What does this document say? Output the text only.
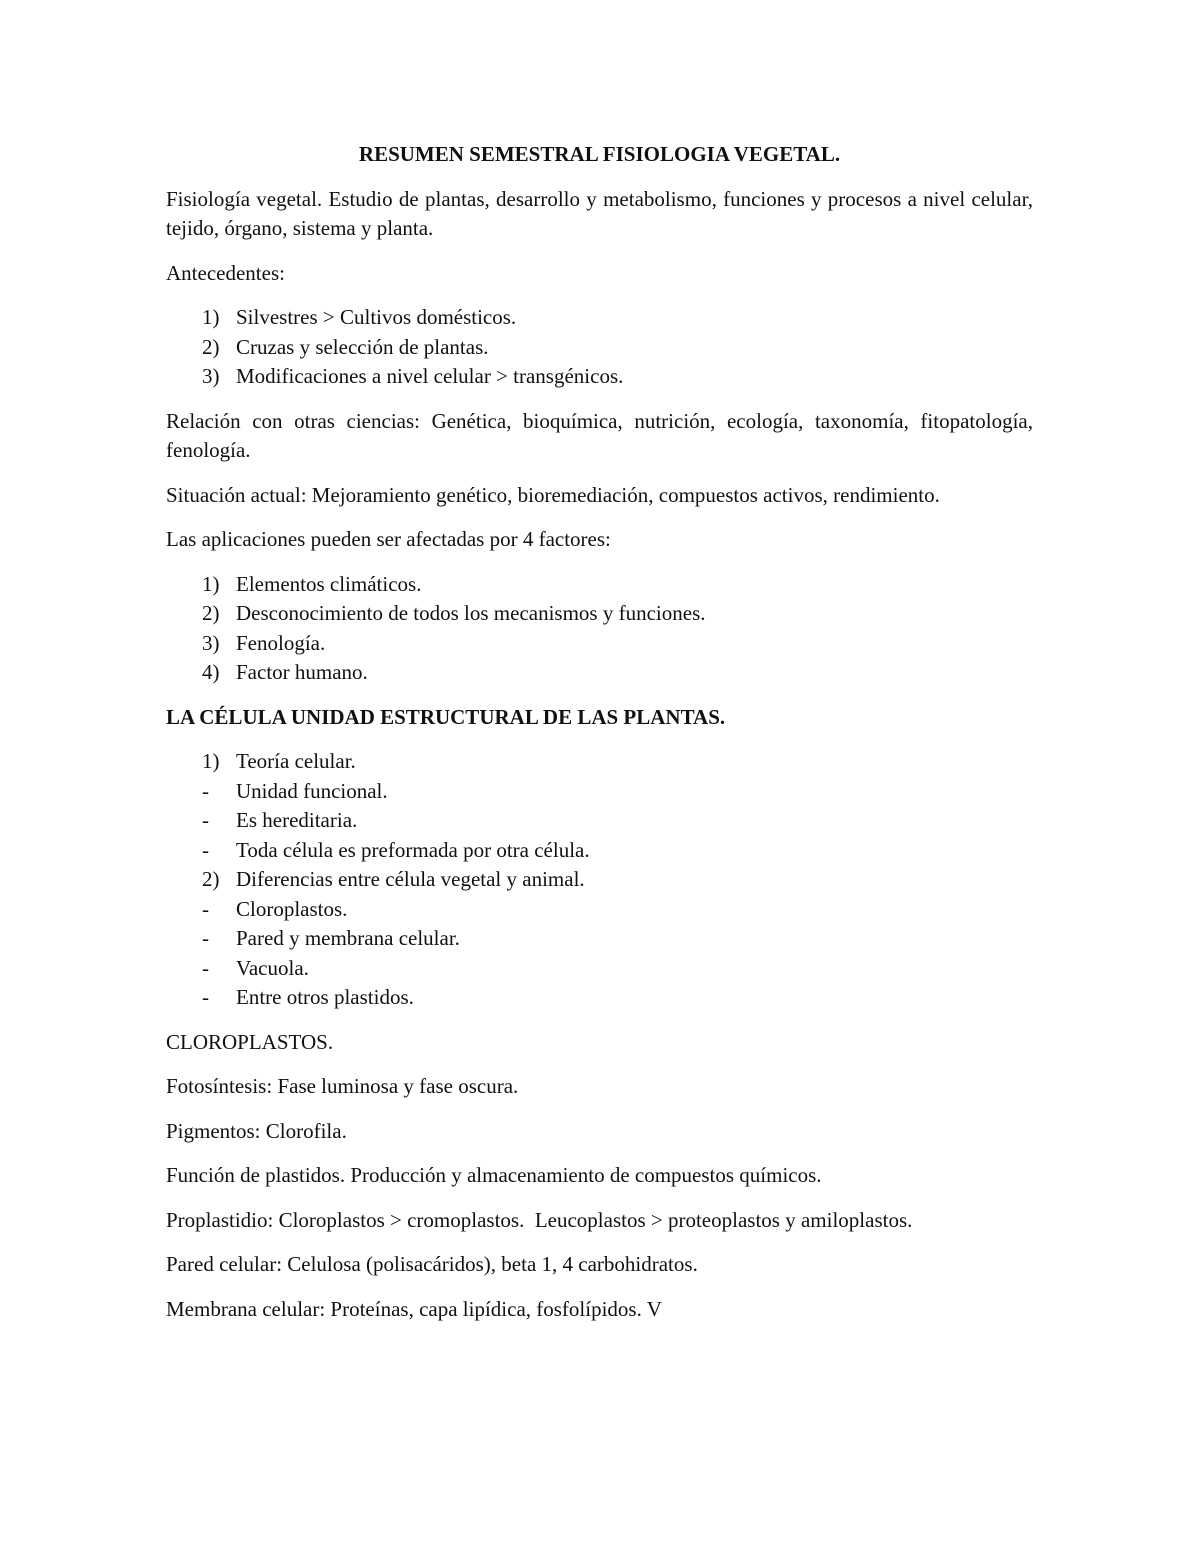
RESUMEN SEMESTRAL FISIOLOGIA VEGETAL.

Fisiología vegetal. Estudio de plantas, desarrollo y metabolismo, funciones y procesos a nivel celular, tejido, órgano, sistema y planta.

Antecedentes:

1) Silvestres > Cultivos domésticos.
2) Cruzas y selección de plantas.
3) Modificaciones a nivel celular > transgénicos.

Relación con otras ciencias: Genética, bioquímica, nutrición, ecología, taxonomía, fitopatología, fenología.

Situación actual: Mejoramiento genético, bioremediación, compuestos activos, rendimiento.

Las aplicaciones pueden ser afectadas por 4 factores:

1) Elementos climáticos.
2) Desconocimiento de todos los mecanismos y funciones.
3) Fenología.
4) Factor humano.

LA CÉLULA UNIDAD ESTRUCTURAL DE LAS PLANTAS.

1) Teoría celular.
-	Unidad funcional.
-	Es hereditaria.
-	Toda célula es preformada por otra célula.
2) Diferencias entre célula vegetal y animal.
-	Cloroplastos.
-	Pared y membrana celular.
-	Vacuola.
-	Entre otros plastidos.

CLOROPLASTOS.

Fotosíntesis: Fase luminosa y fase oscura.

Pigmentos: Clorofila.

Función de plastidos. Producción y almacenamiento de compuestos químicos.

Proplastidio: Cloroplastos > cromoplastos.  Leucoplastos > proteoplastos y amiloplastos.

Pared celular: Celulosa (polisacáridos), beta 1, 4 carbohidratos.

Membrana celular: Proteínas, capa lipídica, fosfolípidos. V
